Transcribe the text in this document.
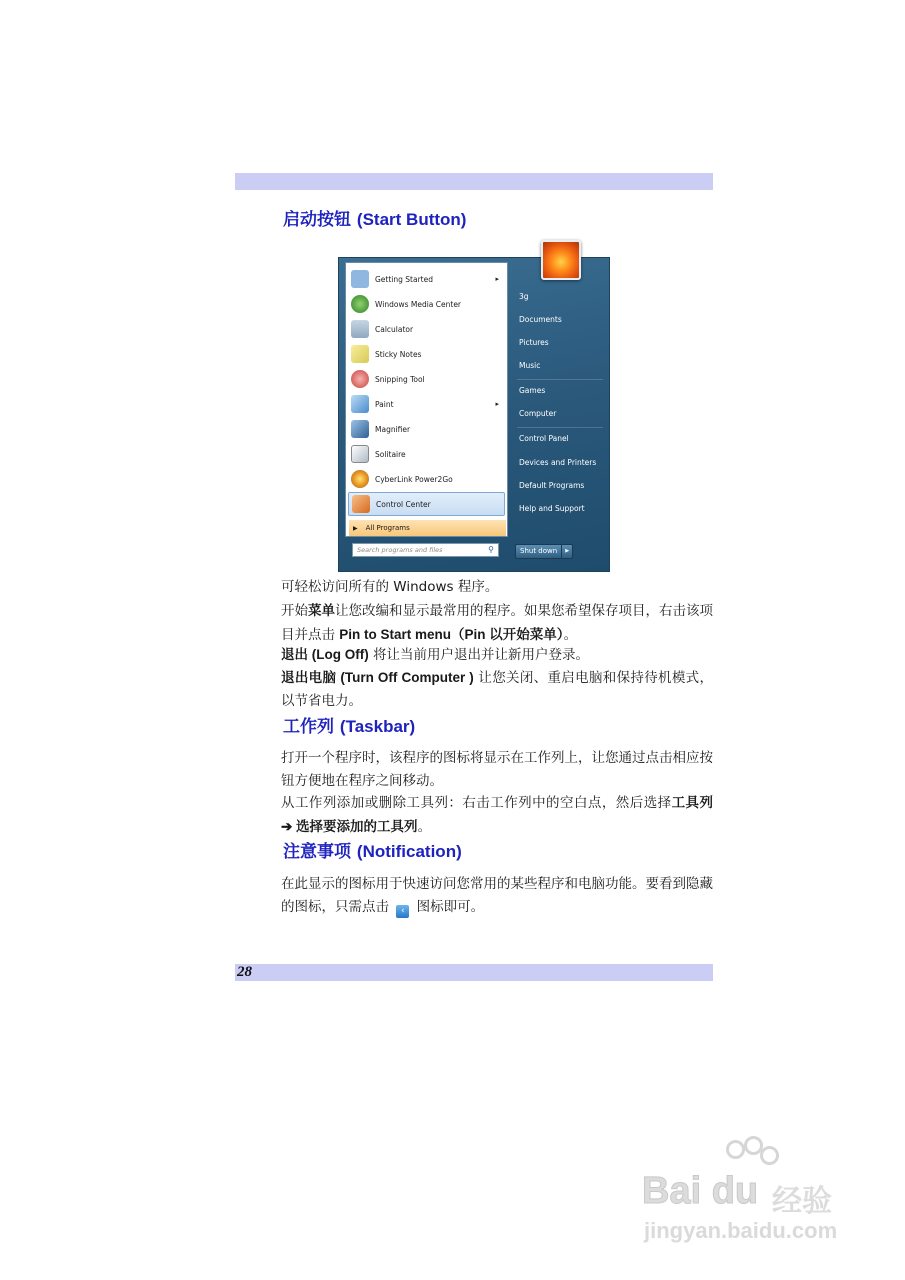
启动按钮 (Start Button)
Getting Started	▸
Windows Media Center
Calculator
Sticky Notes
Snipping Tool
Paint	▸
Magnifier
Solitaire
CyberLink Power2Go
Control Center
▶ All Programs
Search programs and files	⚲
3g
Documents
Pictures
Music
Games
Computer
Control Panel
Devices and Printers
Default Programs
Help and Support
Shut down	▶
可轻松访问所有的 Windows 程序。
开始菜单让您改编和显示最常用的程序。如果您希望保存项目，右击该项目并点击 Pin to Start menu（Pin 以开始菜单）。
退出 (Log Off) 将让当前用户退出并让新用户登录。
退出电脑 (Turn Off Computer ) 让您关闭、重启电脑和保持待机模式，以节省电力。
工作列 (Taskbar)
打开一个程序时，该程序的图标将显示在工作列上，让您通过点击相应按钮方便地在程序之间移动。
从工作列添加或删除工具列：右击工作列中的空白点，然后选择工具列 ➔ 选择要添加的工具列。
注意事项 (Notification)
在此显示的图标用于快速访问您常用的某些程序和电脑功能。要看到隐藏的图标，只需点击 ‹ 图标即可。
28
Bai du 经验
jingyan.baidu.com
